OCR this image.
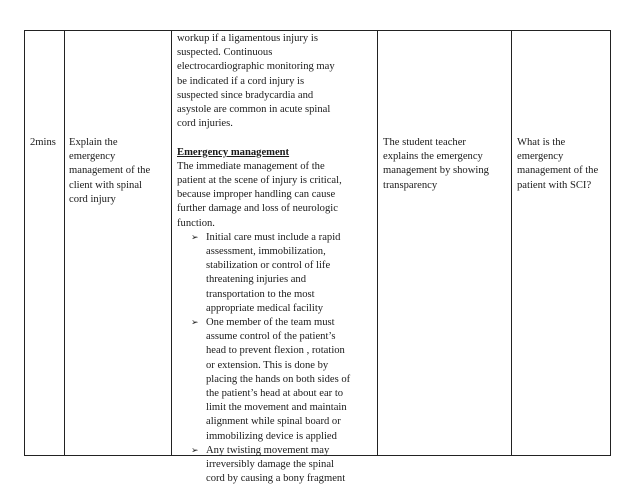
2mins	Explain the
emergency
management of the
client with spinal
cord injury
workup if a ligamentous injury is
suspected. Continuous
electrocardiographic monitoring may
be indicated if a cord injury is
suspected since bradycardia and
asystole are common in acute spinal
cord injuries.

Emergency management
The immediate management of the
patient at the scene of injury is critical,
because improper handling can cause
further damage and loss of neurologic
function.
➢ Initial care must include a rapid
assessment, immobilization,
stabilization or control of life
threatening injuries and
transportation to the most
appropriate medical facility
➢ One member of the team must
assume control of the patient’s
head to prevent flexion , rotation
or extension. This is done by
placing the hands on both sides of
the patient’s head at about ear to
limit the movement and maintain
alignment while spinal board or
immobilizing device is applied
➢ Any twisting movement may
irreversibly damage the spinal
cord by causing a bony fragment
The student teacher
explains the emergency
management by showing
transparency
What is the
emergency
management of the
patient with SCI?
